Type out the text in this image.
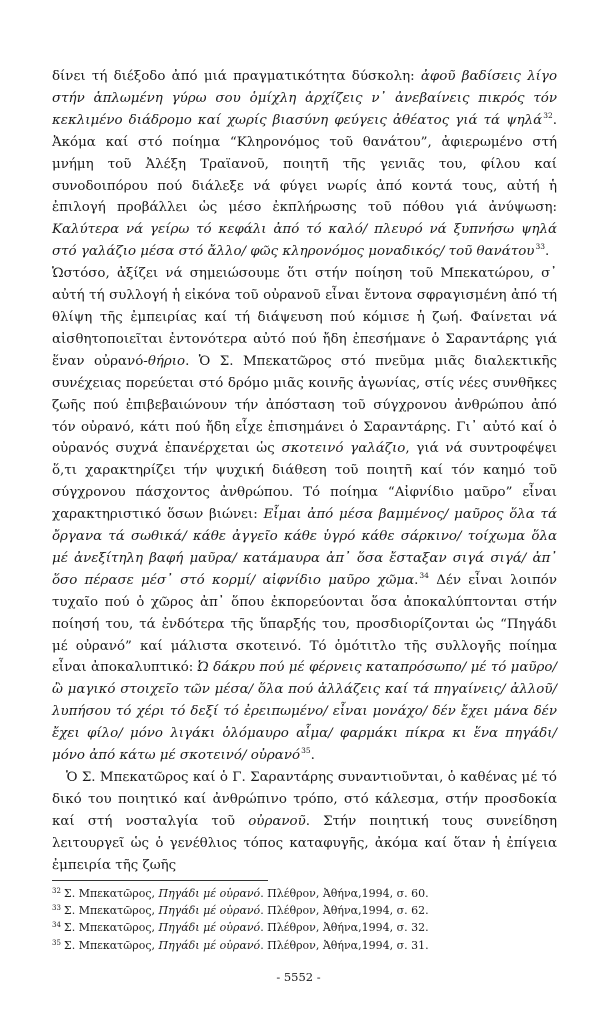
δίνει τή διέξοδο ἀπό μιά πραγματικότητα δύσκολη: ἀφοῦ βαδίσεις λίγο στήν ἁπλωμένη γύρω σου ὁμίχλη ἀρχίζεις ν᾽ ἀνεβαίνεις πικρός τόν κεκλιμένο διάδρομο καί χωρίς βιασύνη φεύγεις ἀθέατος γιά τά ψηλά$^{32}$. Ἀκόμα καί στό ποίημα “Κληρονόμος τοῦ θανάτου”, ἀφιερωμένο στή μνήμη τοῦ Ἀλέξη Τραϊανοῦ, ποιητῆ τῆς γενιᾶς του, φίλου καί συνοδοιπόρου πού διάλεξε νά φύγει νωρίς ἀπό κοντά τους, αὐτή ἡ ἐπιλογή προβάλλει ὡς μέσο ἐκπλήρωσης τοῦ πόθου γιά ἀνύψωση: Καλύτερα νά γείρω τό κεφάλι ἀπό τό καλό/ πλευρό νά ξυπνήσω ψηλά στό γαλάζιο μέσα στό ἄλλο/ φῶς κληρονόμος μοναδικός/ τοῦ θανάτου$^{33}$.

Ὡστόσο, ἀξίζει νά σημειώσουμε ὅτι στήν ποίηση τοῦ Μπεκατώρου, σ᾽ αὐτή τή συλλογή ἡ εἰκόνα τοῦ οὐρανοῦ εἶναι ἔντονα σφραγισμένη ἀπό τή θλίψη τῆς ἐμπειρίας καί τή διάψευση πού κόμισε ἡ ζωή. Φαίνεται νά αἰσθητοποιεῖται ἐντονότερα αὐτό πού ἤδη ἐπεσήμανε ὁ Σαραντάρης γιά ἕναν οὐρανό-θήριο. Ὁ Σ. Μπεκατῶρος στό πνεῦμα μιᾶς διαλεκτικῆς συνέχειας πορεύεται στό δρόμο μιᾶς κοινῆς ἀγωνίας, στίς νέες συνθῆκες ζωῆς πού ἐπιβεβαιώνουν τήν ἀπόσταση τοῦ σύγχρονου ἀνθρώπου ἀπό τόν οὐρανό, κάτι πού ἤδη εἶχε ἐπισημάνει ὁ Σαραντάρης. Γι᾽ αὐτό καί ὁ οὐρανός συχνά ἐπανέρχεται ὡς σκοτεινό γαλάζιο, γιά νά συντροφέψει ὅ,τι χαρακτηρίζει τήν ψυχική διάθεση τοῦ ποιητῆ καί τόν καημό τοῦ σύγχρονου πάσχοντος ἀνθρώπου. Τό ποίημα “Αἰφνίδιο μαῦρο” εἶναι χαρακτηριστικό ὅσων βιώνει: Εἶμαι ἀπό μέσα βαμμένος/ μαῦρος ὅλα τά ὄργανα τά σωθικά/ κάθε ἀγγεῖο κάθε ὑγρό κάθε σάρκινο/ τοίχωμα ὅλα μέ ἀνεξίτηλη βαφή μαῦρα/ κατάμαυρα ἀπ᾽ ὅσα ἔσταξαν σιγά σιγά/ ἀπ᾽ ὅσο πέρασε μέσ᾽ στό κορμί/ αἰφνίδιο μαῦρο χῶμα.$^{34}$ Δέν εἶναι λοιπόν τυχαῖο πού ὁ χῶρος ἀπ᾽ ὅπου ἐκπορεύονται ὅσα ἀποκαλύπτονται στήν ποίησή του, τά ἐνδότερα τῆς ὕπαρξής του, προσδιορίζονται ὡς “Πηγάδι μέ οὐρανό” καί μάλιστα σκοτεινό. Τό ὁμότιτλο τῆς συλλογῆς ποίημα εἶναι ἀποκαλυπτικό: Ὠ δάκρυ πού μέ φέρνεις καταπρόσωπο/ μέ τό μαῦρο/ ὢ μαγικό στοιχεῖο τῶν μέσα/ ὅλα πού ἀλλάζεις καί τά πηγαίνεις/ ἀλλοῦ/ λυπήσου τό χέρι τό δεξί τό ἐρειπωμένο/ εἶναι μονάχο/ δέν ἔχει μάνα δέν ἔχει φίλο/ μόνο λιγάκι ὁλόμαυρο αἷμα/ φαρμάκι πίκρα κι ἕνα πηγάδι/ μόνο ἀπό κάτω μέ σκοτεινό/ οὐρανό$^{35}$.

Ὁ Σ. Μπεκατῶρος καί ὁ Γ. Σαραντάρης συναντιοῦνται, ὁ καθένας μέ τό δικό του ποιητικό καί ἀνθρώπινο τρόπο, στό κάλεσμα, στήν προσδοκία καί στή νοσταλγία τοῦ οὐρανοῦ. Στήν ποιητική τους συνείδηση λειτουργεῖ ὡς ὁ γενέθλιος τόπος καταφυγῆς, ἀκόμα καί ὅταν ἡ ἐπίγεια ἐμπειρία τῆς ζωῆς

$^{32}$ Σ. Μπεκατῶρος, Πηγάδι μέ οὐρανό. Πλέθρον, Ἀθήνα,1994, σ. 60.

$^{33}$ Σ. Μπεκατῶρος, Πηγάδι μέ οὐρανό. Πλέθρον, Ἀθήνα,1994, σ. 62.

$^{34}$ Σ. Μπεκατῶρος, Πηγάδι μέ οὐρανό. Πλέθρον, Ἀθήνα,1994, σ. 32.

$^{35}$ Σ. Μπεκατῶρος, Πηγάδι μέ οὐρανό. Πλέθρον, Ἀθήνα,1994, σ. 31.

- 5552 -
